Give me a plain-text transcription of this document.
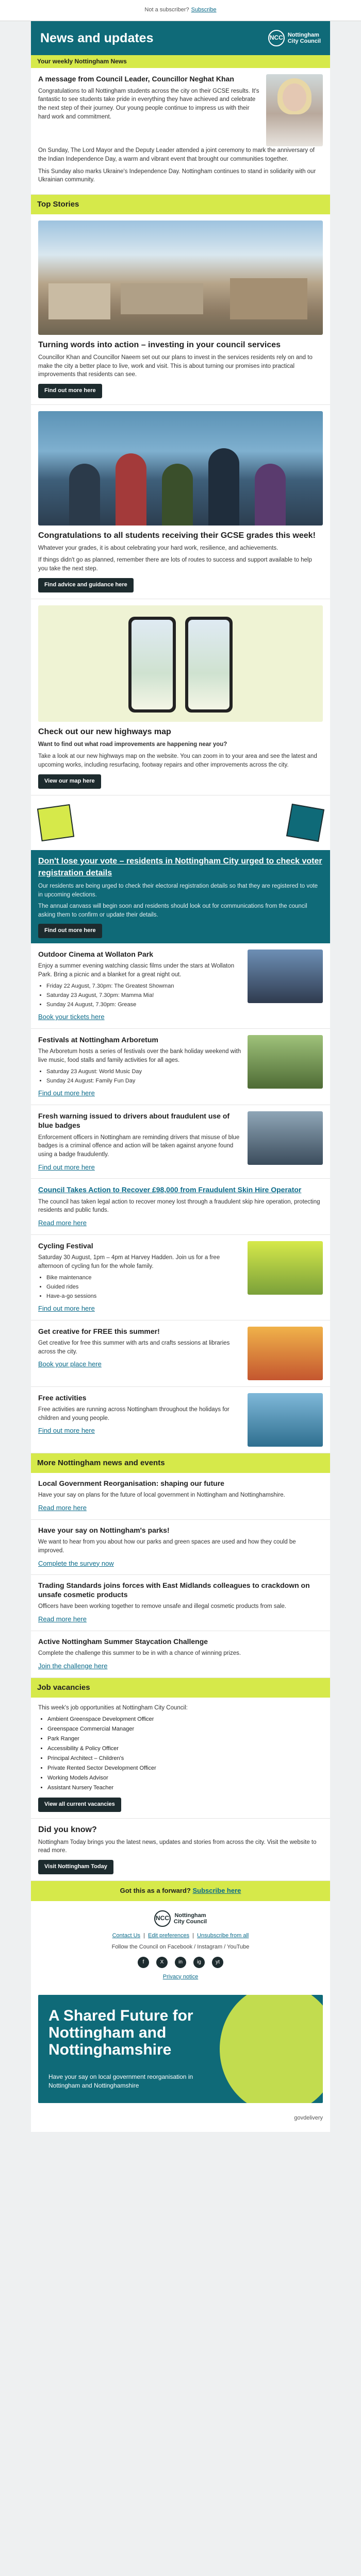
Not a subscriber? Subscribe
News and updates	NCC Nottingham
City Council
Your weekly Nottingham News
A message from Council Leader, Councillor Neghat Khan

Congratulations to all Nottingham students across the city on their GCSE results. It's fantastic to see students take pride in everything they have achieved and celebrate the next step of their journey. Our young people continue to impress us with their hard work and commitment.

On Sunday, The Lord Mayor and the Deputy Leader attended a joint ceremony to mark the anniversary of the Indian Independence Day, a warm and vibrant event that brought our communities together.

This Sunday also marks Ukraine's Independence Day. Nottingham continues to stand in solidarity with our Ukrainian community.

Top Stories
Turning words into action – investing in your council services

Councillor Khan and Councillor Naeem set out our plans to invest in the services residents rely on and to make the city a better place to live, work and visit. This is about turning our promises into practical improvements that residents can see.

Find out more here
Congratulations to all students receiving their GCSE grades this week!

Whatever your grades, it is about celebrating your hard work, resilience, and achievements.

If things didn't go as planned, remember there are lots of routes to success and support available to help you take the next step.

Find advice and guidance here
Check out our new highways map

Want to find out what road improvements are happening near you?

Take a look at our new highways map on the website. You can zoom in to your area and see the latest and upcoming works, including resurfacing, footway repairs and other improvements across the city.

View our map here
Don't lose your vote – residents in Nottingham City urged to check voter registration details

Our residents are being urged to check their electoral registration details so that they are registered to vote in upcoming elections.

The annual canvass will begin soon and residents should look out for communications from the council asking them to confirm or update their details.

Find out more here
Outdoor Cinema at Wollaton Park

Enjoy a summer evening watching classic films under the stars at Wollaton Park. Bring a picnic and a blanket for a great night out.

• Friday 22 August, 7.30pm: The Greatest Showman
• Saturday 23 August, 7.30pm: Mamma Mia!
• Sunday 24 August, 7.30pm: Grease
Book your tickets here
Festivals at Nottingham Arboretum

The Arboretum hosts a series of festivals over the bank holiday weekend with live music, food stalls and family activities for all ages.

• Saturday 23 August: World Music Day
• Sunday 24 August: Family Fun Day
Find out more here
Fresh warning issued to drivers about fraudulent use of blue badges

Enforcement officers in Nottingham are reminding drivers that misuse of blue badges is a criminal offence and action will be taken against anyone found using a badge fraudulently.

Find out more here
Council Takes Action to Recover £98,000 from Fraudulent Skin Hire Operator

The council has taken legal action to recover money lost through a fraudulent skip hire operation, protecting residents and public funds.

Read more here
Cycling Festival

Saturday 30 August, 1pm – 4pm at Harvey Hadden. Join us for a free afternoon of cycling fun for the whole family.

• Bike maintenance
• Guided rides
• Have-a-go sessions
Find out more here
Get creative for FREE this summer!

Get creative for free this summer with arts and crafts sessions at libraries across the city.

Book your place here
Free activities

Free activities are running across Nottingham throughout the holidays for children and young people.

Find out more here
More Nottingham news and events
Local Government Reorganisation: shaping our future

Have your say on plans for the future of local government in Nottingham and Nottinghamshire.

Read more here
Have your say on Nottingham's parks!

We want to hear from you about how our parks and green spaces are used and how they could be improved.

Complete the survey now
Trading Standards joins forces with East Midlands colleagues to crackdown on unsafe cosmetic products

Officers have been working together to remove unsafe and illegal cosmetic products from sale.

Read more here
Active Nottingham Summer Staycation Challenge

Complete the challenge this summer to be in with a chance of winning prizes.

Join the challenge here
Job vacancies

This week's job opportunities at Nottingham City Council:

• Ambient Greenspace Development Officer
• Greenspace Commercial Manager
• Park Ranger
• Accessibility & Policy Officer
• Principal Architect – Children's
• Private Rented Sector Development Officer
• Working Models Advisor
• Assistant Nursery Teacher
View all current vacancies
Did you know?

Nottingham Today brings you the latest news, updates and stories from across the city. Visit the website to read more.

Visit Nottingham Today
Got this as a forward? Subscribe here
NCC Nottingham
City Council
Contact Us | Edit preferences | Unsubscribe from all
Follow the Council on Facebook / Instagram / YouTube
f	X	in	ig	yt
Privacy notice
A Shared Future for Nottingham and Nottinghamshire
Have your say on local government reorganisation in Nottingham and Nottinghamshire
govdelivery
